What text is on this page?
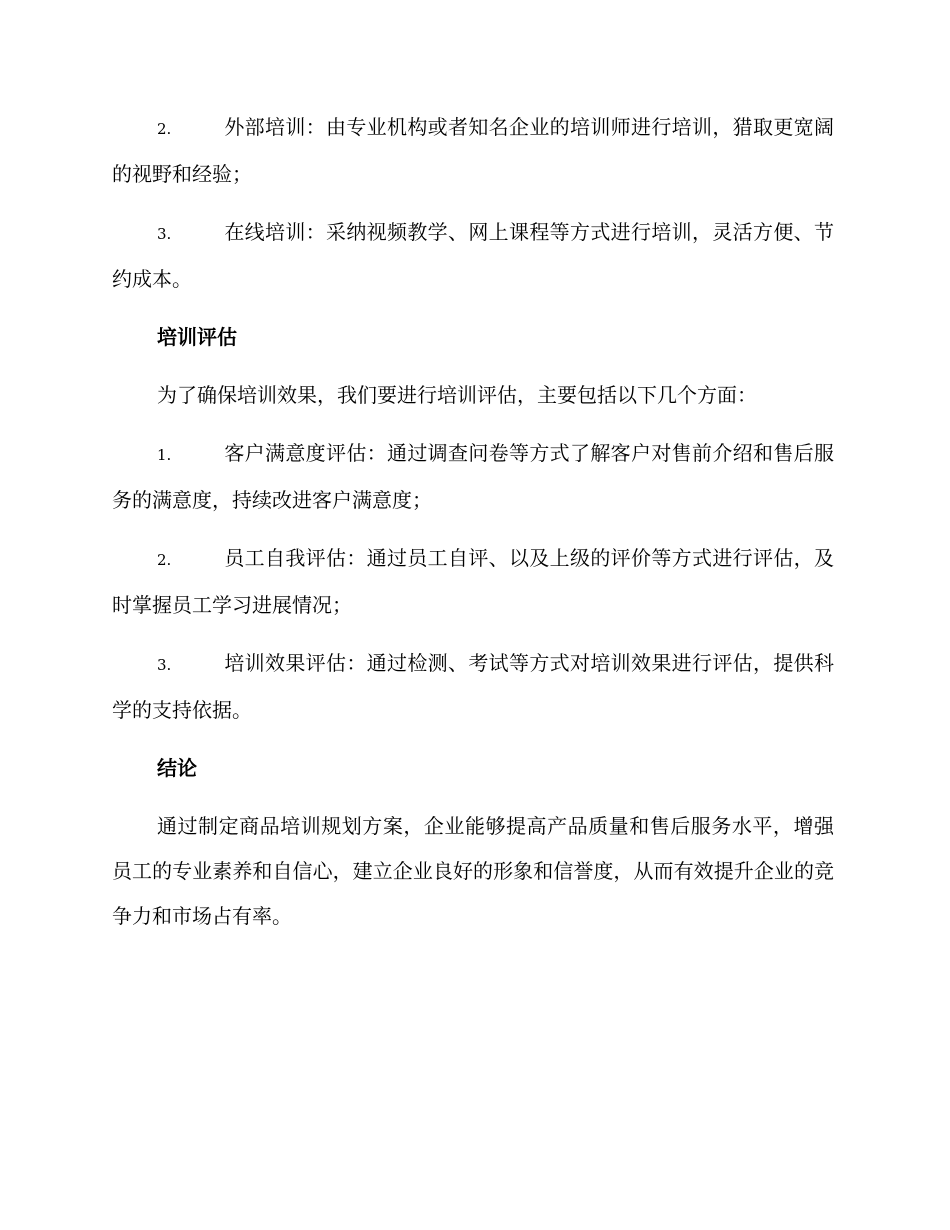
2.	外部培训：由专业机构或者知名企业的培训师进行培训，猎取更宽阔的视野和经验；

3.	在线培训：采纳视频教学、网上课程等方式进行培训，灵活方便、节约成本。

培训评估

为了确保培训效果，我们要进行培训评估，主要包括以下几个方面：

1.	客户满意度评估：通过调查问卷等方式了解客户对售前介绍和售后服务的满意度，持续改进客户满意度；

2.	员工自我评估：通过员工自评、以及上级的评价等方式进行评估，及时掌握员工学习进展情况；

3.	培训效果评估：通过检测、考试等方式对培训效果进行评估，提供科学的支持依据。

结论

通过制定商品培训规划方案，企业能够提高产品质量和售后服务水平，增强员工的专业素养和自信心，建立企业良好的形象和信誉度，从而有效提升企业的竞争力和市场占有率。
